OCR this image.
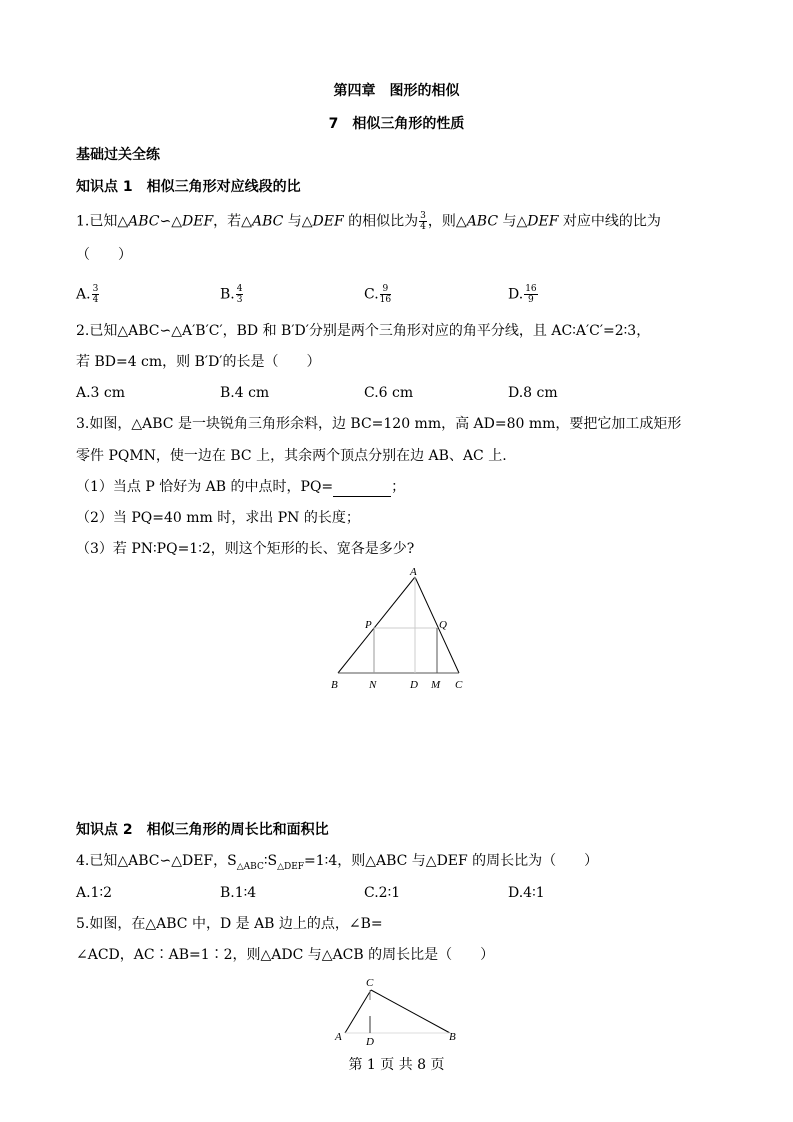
第四章　图形的相似
7　相似三角形的性质
基础过关全练
知识点 1　相似三角形对应线段的比
1.已知△ABC∽△DEF，若△ABC 与△DEF 的相似比为 $\frac{3}{4}$ ，则△ABC 与△DEF 对应中线的比为
（　　）
A. $\frac{3}{4}$	B. $\frac{4}{3}$	C. $\frac{9}{16}$	D. $\frac{16}{9}$
2.已知△ABC∽△A′B′C′，BD 和 B′D′分别是两个三角形对应的角平分线，且 AC∶A′C′=2∶3，
若 BD=4 cm，则 B′D′的长是（　　）
A.3 cm	B.4 cm	C.6 cm	D.8 cm
3.如图，△ABC 是一块锐角三角形余料，边 BC=120 mm，高 AD=80 mm，要把它加工成矩形
零件 PQMN，使一边在 BC 上，其余两个顶点分别在边 AB、AC 上.
（1）当点 P 恰好为 AB 的中点时，PQ=	；
（2）当 PQ=40 mm 时，求出 PN 的长度；
（3）若 PN∶PQ=1∶2，则这个矩形的长、宽各是多少?
知识点 2　相似三角形的周长比和面积比
4.已知△ABC∽△DEF，$S_{\triangle ABC}∶S_{\triangle DEF}=1∶4$，则△ABC 与△DEF 的周长比为（　　）
A.1∶2	B.1∶4	C.2∶1	D.4∶1
5.如图，在△ABC 中，D 是 AB 边上的点，∠B=
∠ACD，AC∶AB=1∶2，则△ADC 与△ACB 的周长比是（　　）
A
P	Q
B	N	D M C
C
A D	B
第 1 页 共 8 页
